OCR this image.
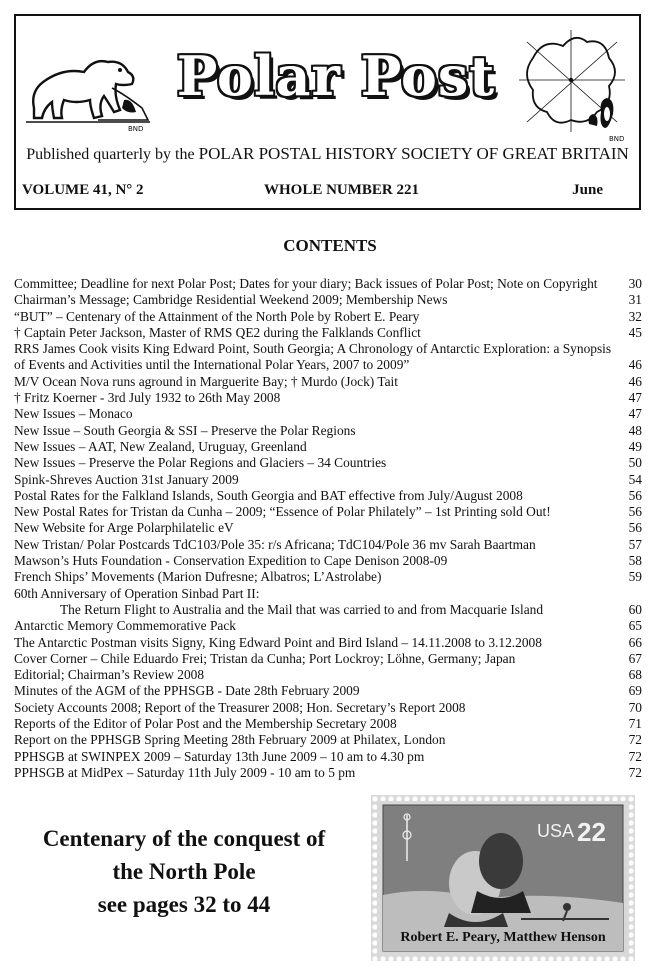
BND
Polar Post
BND
Published quarterly by the POLAR POSTAL HISTORY SOCIETY OF GREAT BRITAIN
VOLUME 41, N° 2	WHOLE NUMBER 221	June
CONTENTS
Committee; Deadline for next Polar Post; Dates for your diary; Back issues of Polar Post; Note on Copyright 30
Chairman’s Message; Cambridge Residential Weekend 2009; Membership News	31
“BUT” – Centenary of the Attainment of the North Pole by Robert E. Peary	32
† Captain Peter Jackson, Master of RMS QE2 during the Falklands Conflict	45
RRS James Cook visits King Edward Point, South Georgia; A Chronology of Antarctic Exploration: a Synopsis of Events and Activities until the International Polar Years, 2007 to 2009”	46
M/V Ocean Nova runs aground in Marguerite Bay; † Murdo (Jock) Tait	46
† Fritz Koerner - 3rd July 1932 to 26th May 2008	47
New Issues – Monaco	47
New Issue – South Georgia & SSI – Preserve the Polar Regions	48
New Issues – AAT, New Zealand, Uruguay, Greenland	49
New Issues – Preserve the Polar Regions and Glaciers – 34 Countries	50
Spink-Shreves Auction 31st January 2009	54
Postal Rates for the Falkland Islands, South Georgia and BAT effective from July/August 2008	56
New Postal Rates for Tristan da Cunha – 2009; “Essence of Polar Philately” – 1st Printing sold Out!	56
New Website for Arge Polarphilatelic eV	56
New Tristan/ Polar Postcards TdC103/Pole 35: r/s Africana; TdC104/Pole 36 mv Sarah Baartman	57
Mawson’s Huts Foundation - Conservation Expedition to Cape Denison 2008-09	58
French Ships’ Movements (Marion Dufresne; Albatros; L’Astrolabe)	59
60th Anniversary of Operation Sinbad Part II:
The Return Flight to Australia and the Mail that was carried to and from Macquarie Island	60
Antarctic Memory Commemorative Pack	65
The Antarctic Postman visits Signy, King Edward Point and Bird Island – 14.11.2008 to 3.12.2008	66
Cover Corner – Chile Eduardo Frei; Tristan da Cunha; Port Lockroy; Löhne, Germany; Japan	67
Editorial; Chairman’s Review 2008	68
Minutes of the AGM of the PPHSGB - Date 28th February 2009	69
Society Accounts 2008; Report of the Treasurer 2008; Hon. Secretary’s Report 2008	70
Reports of the Editor of Polar Post and the Membership Secretary 2008	71
Report on the PPHSGB Spring Meeting 28th February 2009 at Philatex, London	72
PPHSGB at SWINPEX 2009 – Saturday 13th June 2009 – 10 am to 4.30 pm	72
PPHSGB at MidPex – Saturday 11th July 2009 - 10 am to 5 pm	72
Centenary of the conquest of
the North Pole
see pages 32 to 44
USA 22
Robert E. Peary, Matthew Henson
